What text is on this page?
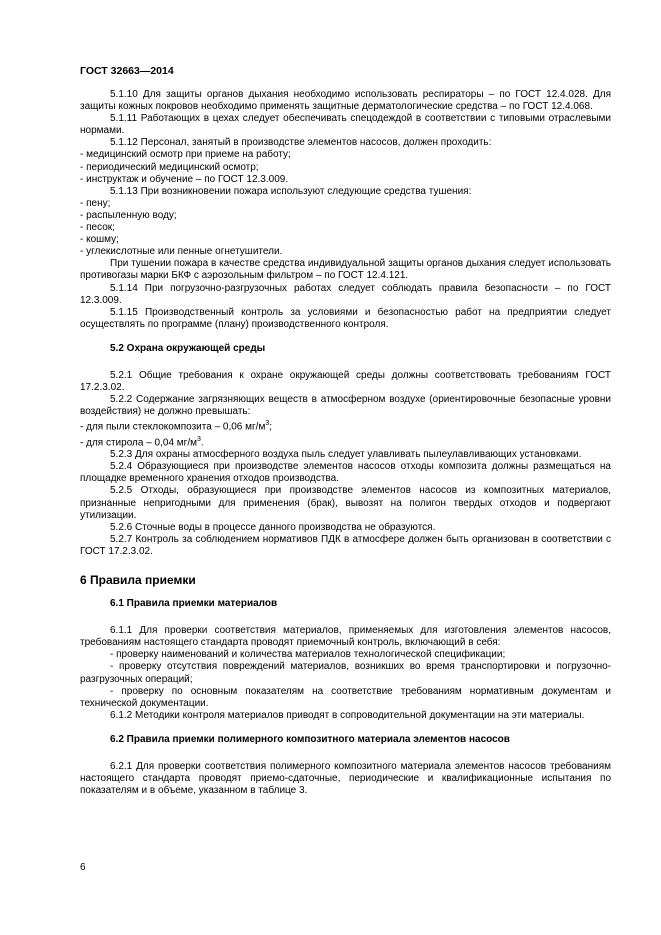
ГОСТ 32663—2014

5.1.10 Для защиты органов дыхания необходимо использовать респираторы – по ГОСТ 12.4.028. Для защиты кожных покровов необходимо применять защитные дерматологические средства – по ГОСТ 12.4.068.

5.1.11 Работающих в цехах следует обеспечивать спецодеждой в соответствии с типовыми отраслевыми нормами.

5.1.12 Персонал, занятый в производстве элементов насосов, должен проходить:

- медицинский осмотр при приеме на работу;

- периодический медицинский осмотр;

- инструктаж и обучение – по ГОСТ 12.3.009.

5.1.13 При возникновении пожара используют следующие средства тушения:

- пену;

- распыленную воду;

- песок;

- кошму;

- углекислотные или пенные огнетушители.

При тушении пожара в качестве средства индивидуальной защиты органов дыхания следует использовать противогазы марки БКФ с аэрозольным фильтром – по ГОСТ 12.4.121.

5.1.14 При погрузочно-разгрузочных работах следует соблюдать правила безопасности – по ГОСТ 12.3.009.

5.1.15 Производственный контроль за условиями и безопасностью работ на предприятии следует осуществлять по программе (плану) производственного контроля.

5.2 Охрана окружающей среды

5.2.1 Общие требования к охране окружающей среды должны соответствовать требованиям ГОСТ 17.2.3.02.

5.2.2 Содержание загрязняющих веществ в атмосферном воздухе (ориентировочные безопасные уровни воздействия) не должно превышать:

- для пыли стеклокомпозита – 0,06 $мг/м^3$;

- для стирола – 0,04 $мг/м^3$.

5.2.3 Для охраны атмосферного воздуха пыль следует улавливать пылеулавливающих установками.

5.2.4 Образующиеся при производстве элементов насосов отходы композита должны размещаться на площадке временного хранения отходов производства.

5.2.5 Отходы, образующиеся при производстве элементов насосов из композитных материалов, признанные непригодными для применения (брак), вывозят на полигон твердых отходов и подвергают утилизации.

5.2.6 Сточные воды в процессе данного производства не образуются.

5.2.7 Контроль за соблюдением нормативов ПДК в атмосфере должен быть организован в соответствии с ГОСТ 17.2.3.02.

6 Правила приемки

6.1 Правила приемки материалов

6.1.1 Для проверки соответствия материалов, применяемых для изготовления элементов насосов, требованиям настоящего стандарта проводят приемочный контроль, включающий в себя:

- проверку наименований и количества материалов технологической спецификации;

- проверку отсутствия повреждений материалов, возникших во время транспортировки и погрузочно-разгрузочных операций;

- проверку по основным показателям на соответствие требованиям нормативным документам и технической документации.

6.1.2 Методики контроля материалов приводят в сопроводительной документации на эти материалы.

6.2 Правила приемки полимерного композитного материала элементов насосов

6.2.1 Для проверки соответствия полимерного композитного материала элементов насосов требованиям настоящего стандарта проводят приемо-сдаточные, периодические и квалификационные испытания по показателям и в объеме, указанном в таблице 3.

6
